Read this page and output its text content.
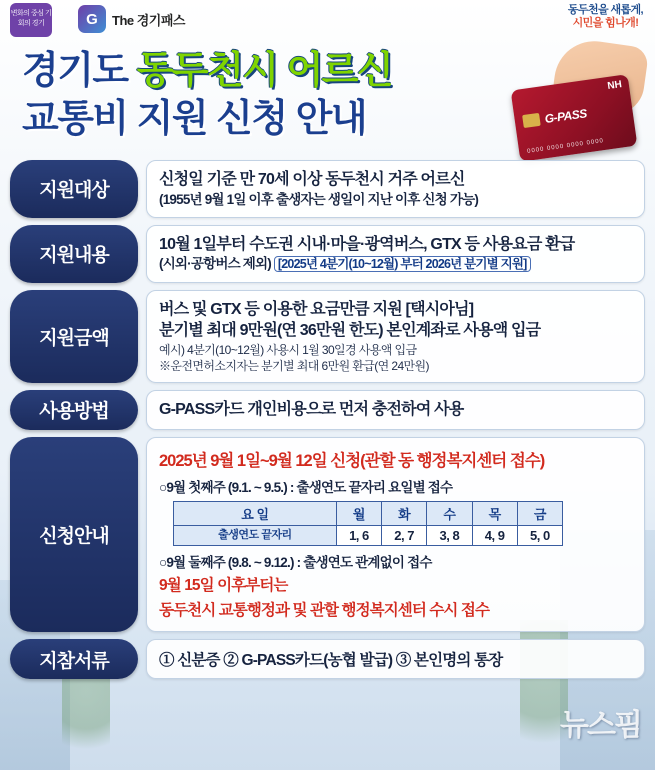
변화의 중심 기회의 경기	G	The 경기패스
동두천을 새롭게,
시민을 힘나개!
경기도 동두천시 어르신
교통비 지원 신청 안내
NH
G-PASS
0000 0000 0000 0000
지원대상
신청일 기준 만 70세 이상 동두천시 거주 어르신
(1955년 9월 1일 이후 출생자는 생일이 지난 이후 신청 가능)
지원내용
10월 1일부터 수도권 시내·마을·광역버스, GTX 등 사용요금 환급
(시외·공항버스 제외) [2025년 4분기(10~12월) 부터 2026년 분기별 지원]
지원금액
버스 및 GTX 등 이용한 요금만큼 지원 [택시아님]
분기별 최대 9만원(연 36만원 한도) 본인계좌로 사용액 입금
예시) 4분기(10~12월) 사용시 1월 30일경 사용액 입금
※운전면허소지자는 분기별 최대 6만원 환급(연 24만원)
사용방법	G-PASS카드 개인비용으로 먼저 충전하여 사용
신청안내
2025년 9월 1일~9월 12일 신청(관할 동 행정복지센터 접수)
○9월 첫째주 (9.1. ~ 9.5.) : 출생연도 끝자리 요일별 접수
요 일	월	화	수	목	금
출생연도 끝자리	1, 6	2, 7	3, 8	4, 9	5, 0
○9월 둘째주 (9.8. ~ 9.12.) : 출생연도 관계없이 접수
9월 15일 이후부터는
동두천시 교통행정과 및 관할 행정복지센터 수시 접수
지참서류	① 신분증 ② G-PASS카드(농협 발급) ③ 본인명의 통장
뉴스핌
